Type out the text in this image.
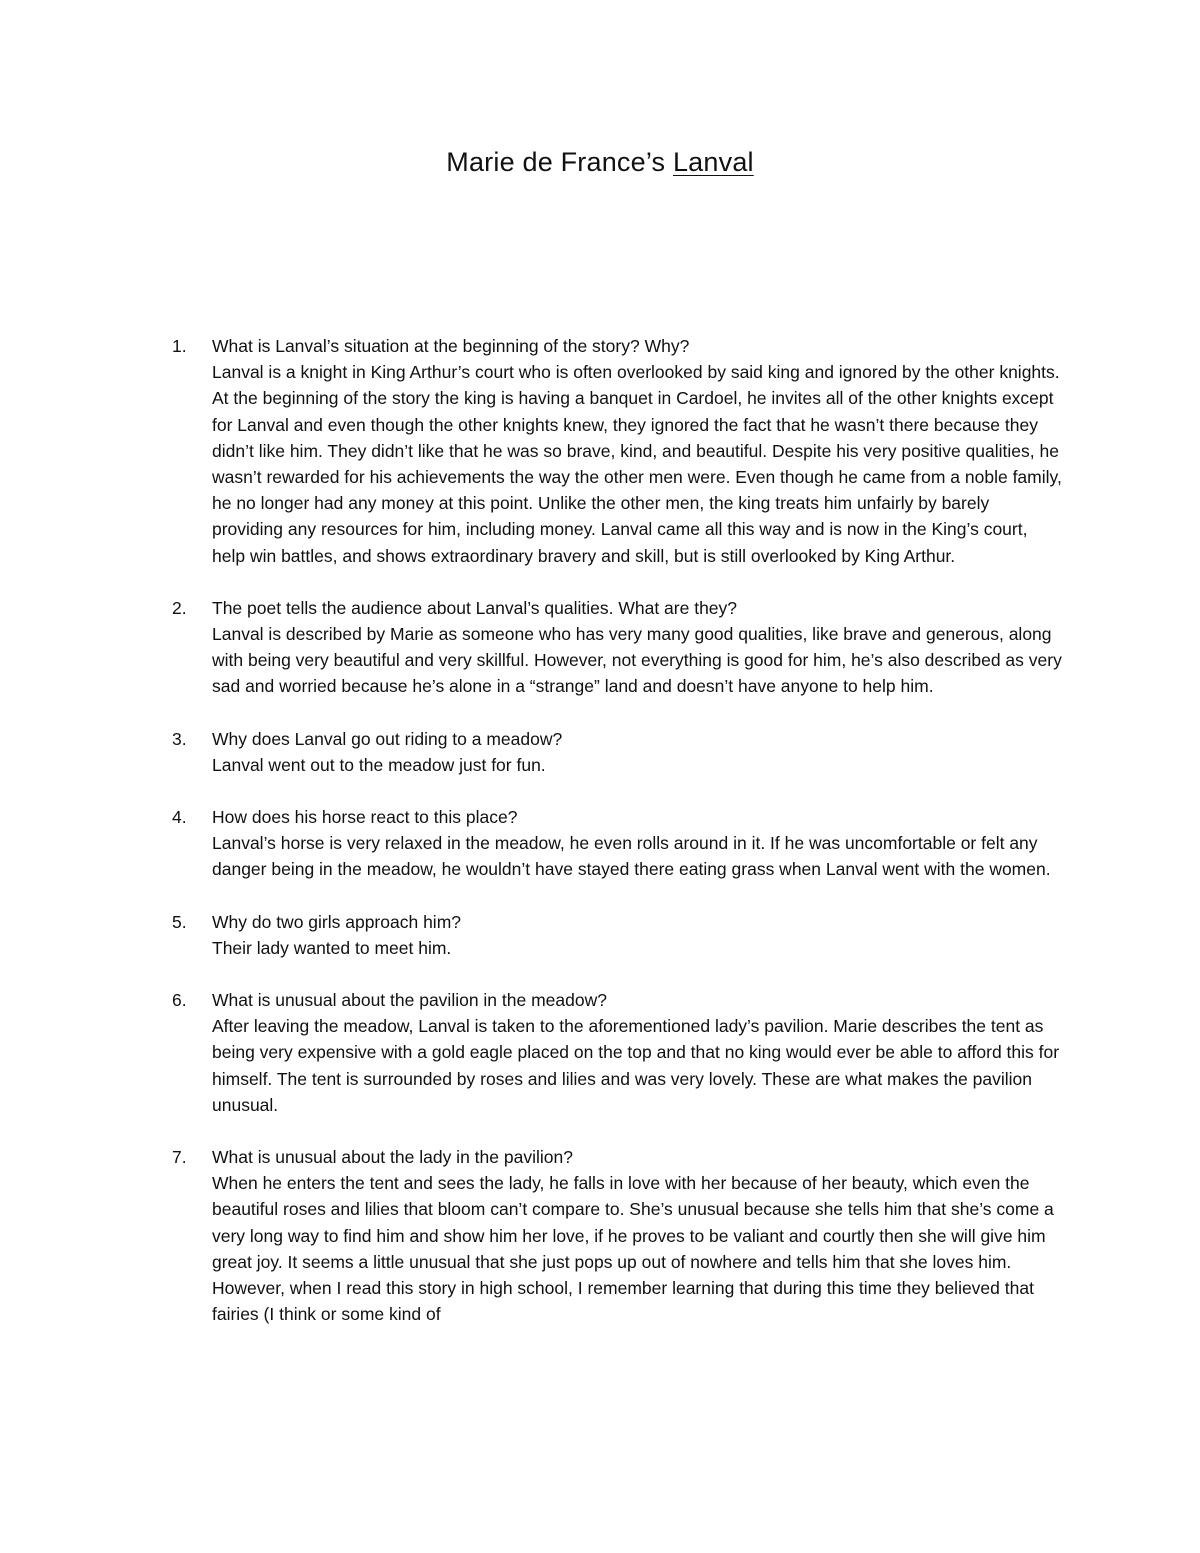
Marie de France’s Lanval
1.	What is Lanval’s situation at the beginning of the story? Why?
Lanval is a knight in King Arthur’s court who is often overlooked by said king and ignored by the other knights. At the beginning of the story the king is having a banquet in Cardoel, he invites all of the other knights except for Lanval and even though the other knights knew, they ignored the fact that he wasn’t there because they didn’t like him. They didn’t like that he was so brave, kind, and beautiful. Despite his very positive qualities, he wasn’t rewarded for his achievements the way the other men were. Even though he came from a noble family, he no longer had any money at this point. Unlike the other men, the king treats him unfairly by barely providing any resources for him, including money. Lanval came all this way and is now in the King’s court, help win battles, and shows extraordinary bravery and skill, but is still overlooked by King Arthur.
2.	The poet tells the audience about Lanval’s qualities. What are they?
Lanval is described by Marie as someone who has very many good qualities, like brave and generous, along with being very beautiful and very skillful. However, not everything is good for him, he’s also described as very sad and worried because he’s alone in a “strange” land and doesn’t have anyone to help him.
3.	Why does Lanval go out riding to a meadow?
Lanval went out to the meadow just for fun.
4.	How does his horse react to this place?
Lanval’s horse is very relaxed in the meadow, he even rolls around in it. If he was uncomfortable or felt any danger being in the meadow, he wouldn’t have stayed there eating grass when Lanval went with the women.
5.	Why do two girls approach him?
Their lady wanted to meet him.
6.	What is unusual about the pavilion in the meadow?
After leaving the meadow, Lanval is taken to the aforementioned lady’s pavilion. Marie describes the tent as being very expensive with a gold eagle placed on the top and that no king would ever be able to afford this for himself. The tent is surrounded by roses and lilies and was very lovely. These are what makes the pavilion unusual.
7.	What is unusual about the lady in the pavilion?
When he enters the tent and sees the lady, he falls in love with her because of her beauty, which even the beautiful roses and lilies that bloom can’t compare to. She’s unusual because she tells him that she’s come a very long way to find him and show him her love, if he proves to be valiant and courtly then she will give him great joy. It seems a little unusual that she just pops up out of nowhere and tells him that she loves him. However, when I read this story in high school, I remember learning that during this time they believed that fairies (I think or some kind of
